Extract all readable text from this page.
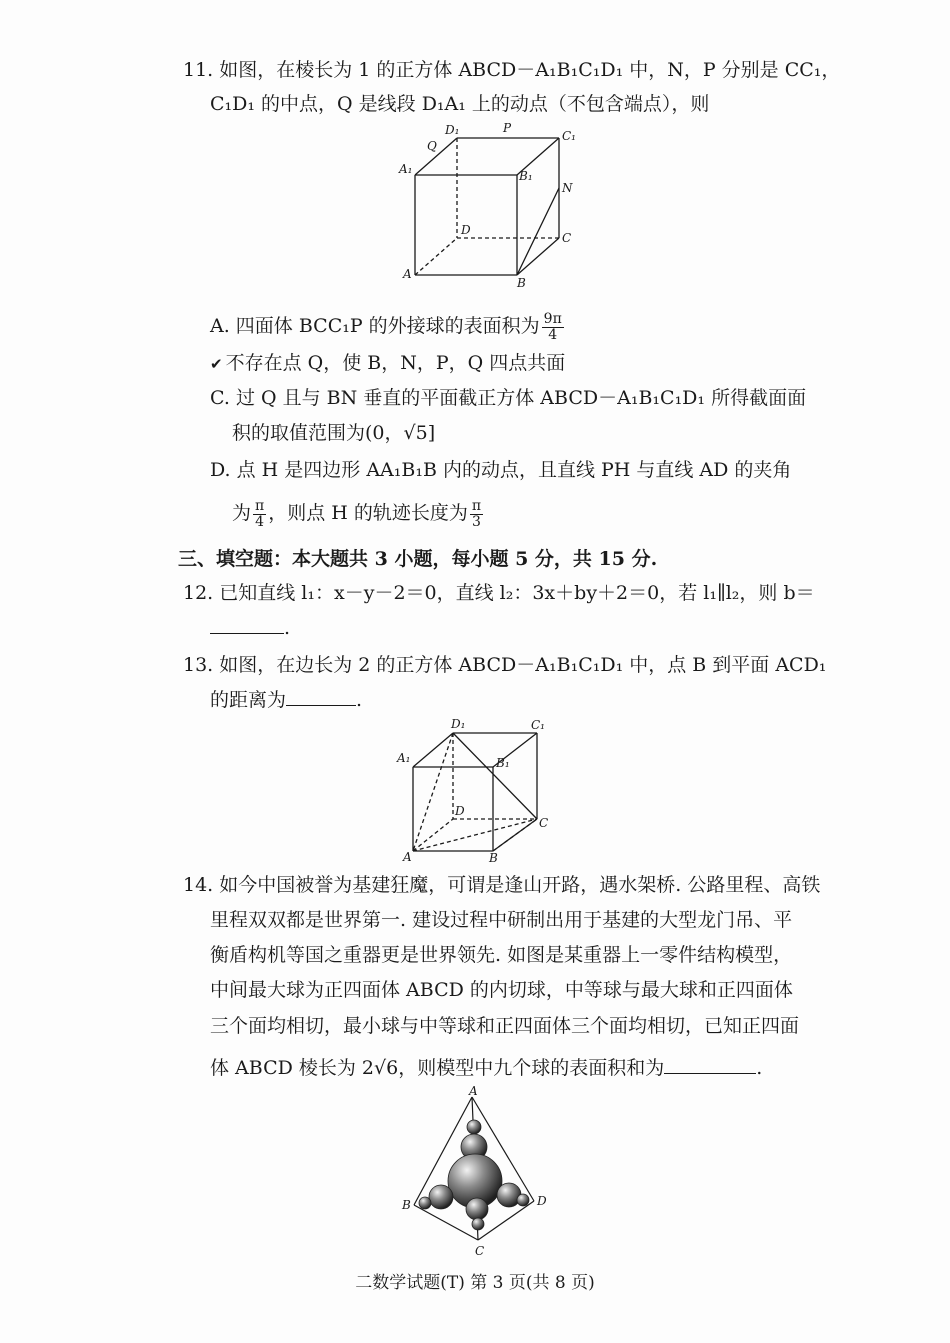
11. 如图，在棱长为 1 的正方体 ABCD－A₁B₁C₁D₁ 中，N，P 分别是 CC₁，
C₁D₁ 的中点，Q 是线段 D₁A₁ 上的动点（不包含端点），则
D₁	P
C₁
Q
A₁	B₁
N
D
C
A
B
A. 四面体 BCC₁P 的外接球的表面积为 $\frac{9\pi}{4}$
✔ 不存在点 Q，使 B，N，P，Q 四点共面
C. 过 Q 且与 BN 垂直的平面截正方体 ABCD－A₁B₁C₁D₁ 所得截面面
积的取值范围为(0，√5]
D. 点 H 是四边形 AA₁B₁B 内的动点，且直线 PH 与直线 AD 的夹角
为 $\frac{\pi}{4}$ ，则点 H 的轨迹长度为 $\frac{\pi}{3}$
三、填空题：本大题共 3 小题，每小题 5 分，共 15 分.
12. 已知直线 l₁：x－y－2＝0，直线 l₂：3x＋by＋2＝0，若 l₁∥l₂，则 b＝
.
13. 如图，在边长为 2 的正方体 ABCD－A₁B₁C₁D₁ 中，点 B 到平面 ACD₁
的距离为	.
D₁	C₁
A₁	B₁
D
C
A	B
14. 如今中国被誉为基建狂魔，可谓是逢山开路，遇水架桥. 公路里程、高铁
里程双双都是世界第一. 建设过程中研制出用于基建的大型龙门吊、平
衡盾构机等国之重器更是世界领先. 如图是某重器上一零件结构模型，
中间最大球为正四面体 ABCD 的内切球，中等球与最大球和正四面体
三个面均相切，最小球与中等球和正四面体三个面均相切，已知正四面
体 ABCD 棱长为 2√6，则模型中九个球的表面积和为	.
A
B	D
C
二数学试题(T) 第 3 页(共 8 页)
